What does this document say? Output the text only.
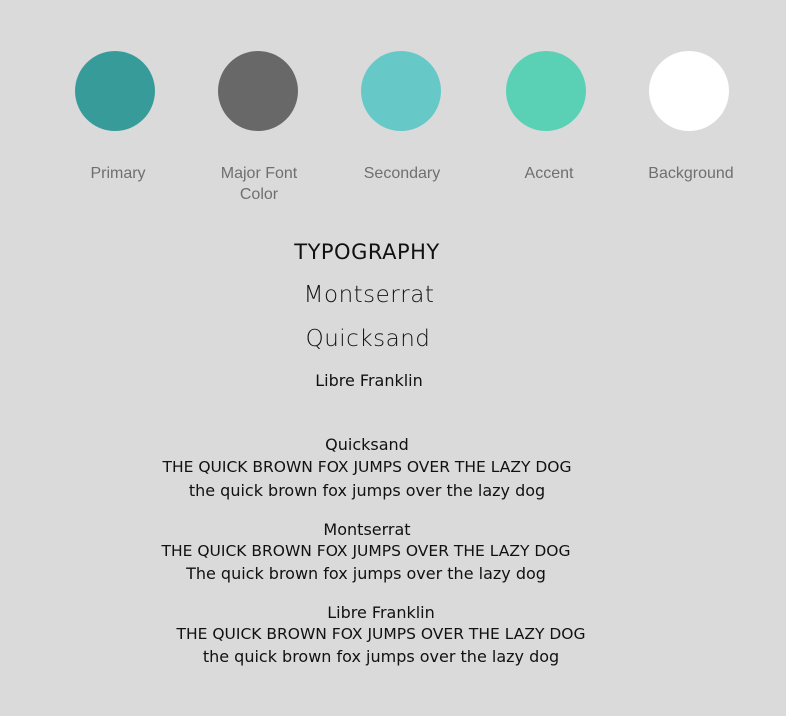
Primary	Major Font
Color
Secondary	Accent	Background
TYPOGRAPHY
Montserrat
Quicksand
Libre Franklin
Quicksand
THE QUICK BROWN FOX JUMPS OVER THE LAZY DOG
the quick brown fox jumps over the lazy dog
Montserrat
THE QUICK BROWN FOX JUMPS OVER THE LAZY DOG
The quick brown fox jumps over the lazy dog
Libre Franklin
THE QUICK BROWN FOX JUMPS OVER THE LAZY DOG
the quick brown fox jumps over the lazy dog
